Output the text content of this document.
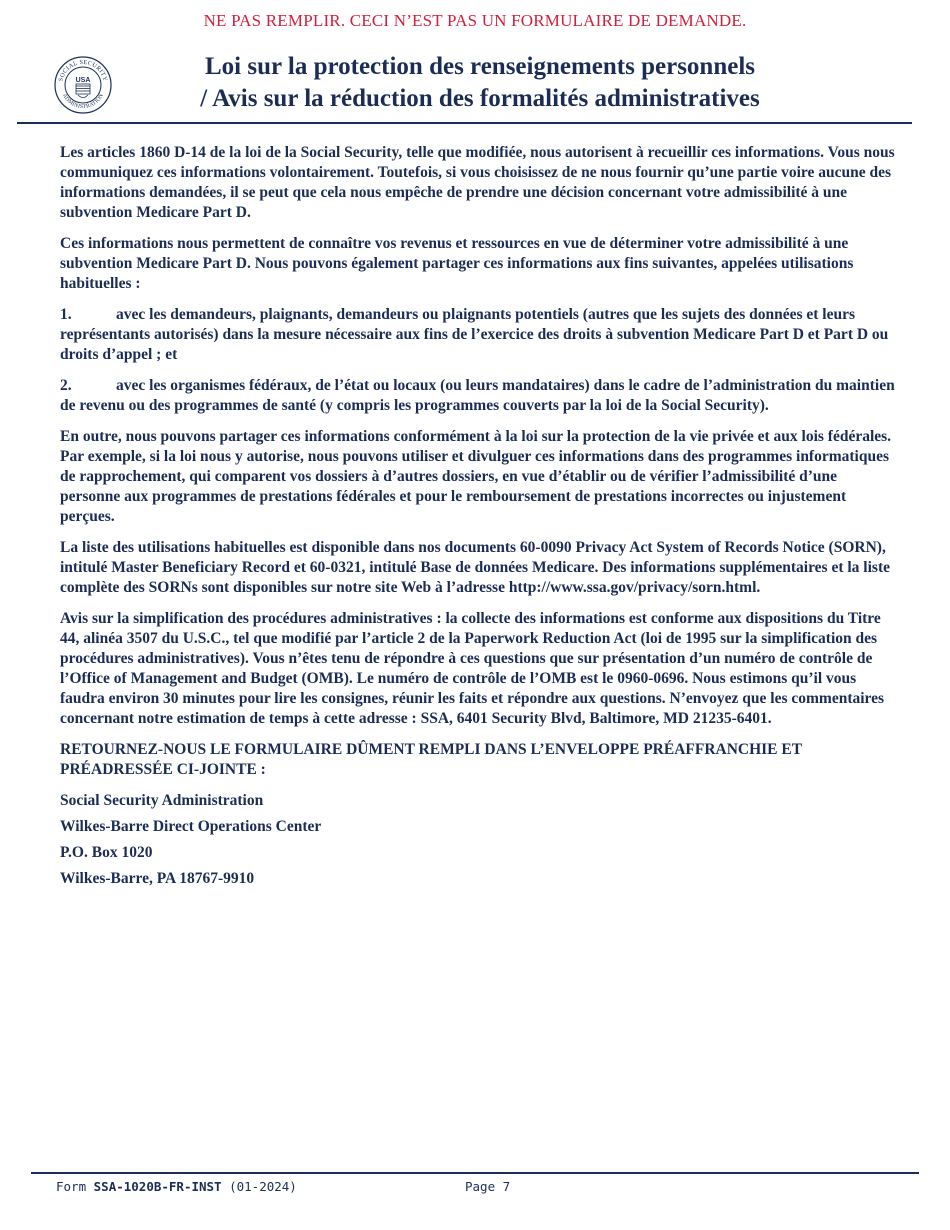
NE PAS REMPLIR. CECI N’EST PAS UN FORMULAIRE DE DEMANDE.
SOCIAL SECURITY
ADMINISTRATION
USA
Loi sur la protection des renseignements personnels
/ Avis sur la réduction des formalités administratives

Les articles 1860 D-14 de la loi de la Social Security, telle que modifiée, nous autorisent à recueillir ces informations. Vous nous communiquez ces informations volontairement. Toutefois, si vous choisissez de ne nous fournir qu’une partie voire aucune des informations demandées, il se peut que cela nous empêche de prendre une décision concernant votre admissibilité à une subvention Medicare Part D.

Ces informations nous permettent de connaître vos revenus et ressources en vue de déterminer votre admissibilité à une subvention Medicare Part D. Nous pouvons également partager ces informations aux fins suivantes, appelées utilisations habituelles :

1.	avec les demandeurs, plaignants, demandeurs ou plaignants potentiels (autres que les sujets des données et leurs représentants autorisés) dans la mesure nécessaire aux fins de l’exercice des droits à subvention Medicare Part D et Part D ou droits d’appel ; et

2.	avec les organismes fédéraux, de l’état ou locaux (ou leurs mandataires) dans le cadre de l’administration du maintien de revenu ou des programmes de santé (y compris les programmes couverts par la loi de la Social Security).

En outre, nous pouvons partager ces informations conformément à la loi sur la protection de la vie privée et aux lois fédérales. Par exemple, si la loi nous y autorise, nous pouvons utiliser et divulguer ces informations dans des programmes informatiques de rapprochement, qui comparent vos dossiers à d’autres dossiers, en vue d’établir ou de vérifier l’admissibilité d’une personne aux programmes de prestations fédérales et pour le remboursement de prestations incorrectes ou injustement perçues.

La liste des utilisations habituelles est disponible dans nos documents 60-0090 Privacy Act System of Records Notice (SORN), intitulé Master Beneficiary Record et 60-0321, intitulé Base de données Medicare. Des informations supplémentaires et la liste complète des SORNs sont disponibles sur notre site Web à l’adresse http://www.ssa.gov/privacy/sorn.html.

Avis sur la simplification des procédures administratives : la collecte des informations est conforme aux dispositions du Titre 44, alinéa 3507 du U.S.C., tel que modifié par l’article 2 de la Paperwork Reduction Act (loi de 1995 sur la simplification des procédures administratives). Vous n’êtes tenu de répondre à ces questions que sur présentation d’un numéro de contrôle de l’Office of Management and Budget (OMB). Le numéro de contrôle de l’OMB est le 0960-0696. Nous estimons qu’il vous faudra environ 30 minutes pour lire les consignes, réunir les faits et répondre aux questions. N’envoyez que les commentaires concernant notre estimation de temps à cette adresse : SSA, 6401 Security Blvd, Baltimore, MD 21235-6401.

RETOURNEZ-NOUS LE FORMULAIRE DÛMENT REMPLI DANS L’ENVELOPPE PRÉAFFRANCHIE ET PRÉADRESSÉE CI-JOINTE :

Social Security Administration
Wilkes-Barre Direct Operations Center
P.O. Box 1020
Wilkes-Barre, PA 18767-9910
Form SSA-1020B-FR-INST (01-2024)	Page 7
